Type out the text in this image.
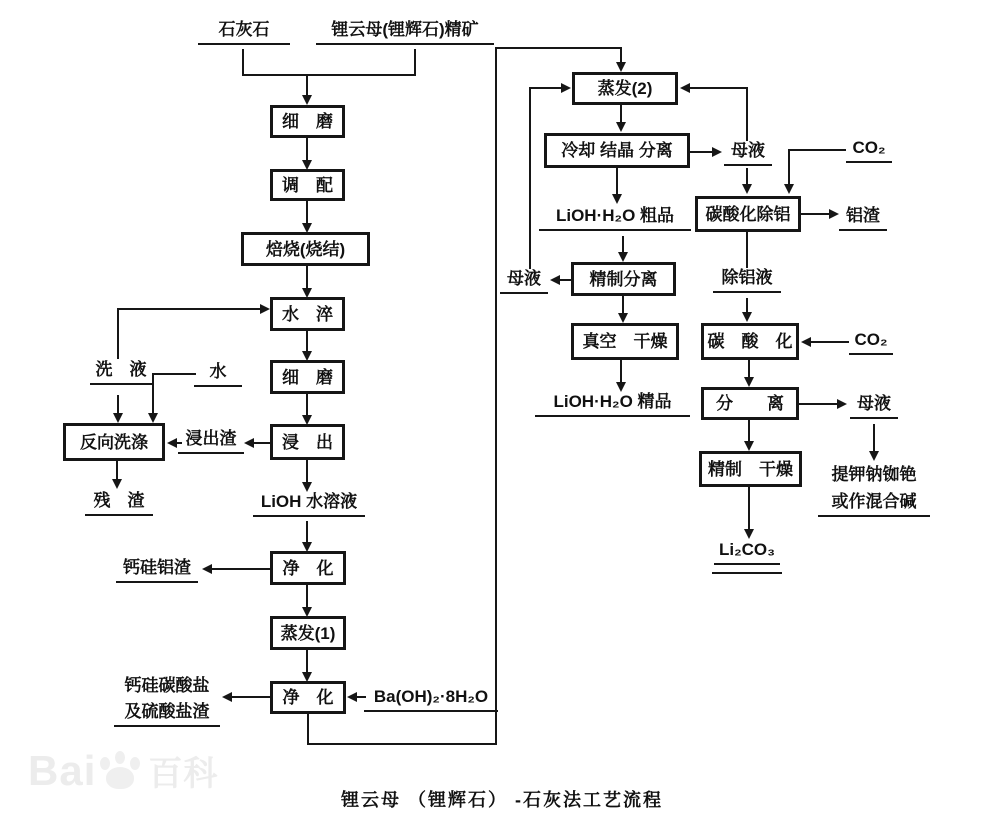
石灰石	锂云母(锂辉石)精矿
细　磨
调　配
焙烧(烧结)
水　淬
细　磨
浸　出
反向洗涤
净　化
蒸发(1)
净　化
洗　液	水
浸出渣
残　渣	LiOH 水溶液
钙硅铝渣
钙硅碳酸盐
及硫酸盐渣
Ba(OH)₂·8H₂O
蒸发(2)
冷却 结晶 分离
精制分离
真空　干燥
母液	CO₂
LiOH·H₂O 粗品
母液
LiOH·H₂O 精品
碳酸化除铝
碳　酸　化
分　　离
精制　干燥
铝渣
除铝液
CO₂
母液
提钾钠铷铯
或作混合碱
Li₂CO₃
锂云母 （锂辉石） -石灰法工艺流程
Bai 百科
